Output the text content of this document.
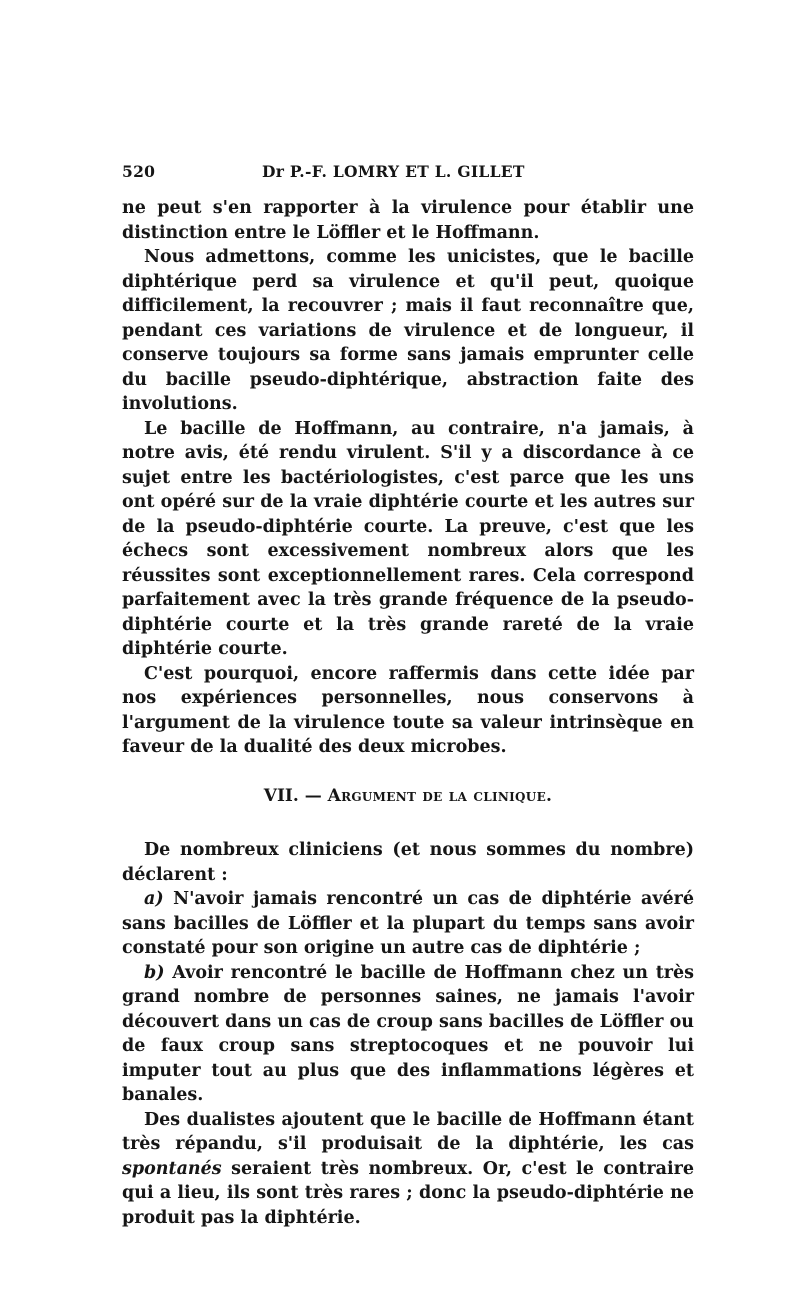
520	Dr P.-F. LOMRY ET L. GILLET

ne peut s'en rapporter à la virulence pour établir une distinction entre le Löffler et le Hoffmann.

Nous admettons, comme les unicistes, que le bacille diphtérique perd sa virulence et qu'il peut, quoique difficilement, la recouvrer ; mais il faut reconnaître que, pendant ces variations de virulence et de longueur, il conserve toujours sa forme sans jamais emprunter celle du bacille pseudo-diphtérique, abstraction faite des involutions.

Le bacille de Hoffmann, au contraire, n'a jamais, à notre avis, été rendu virulent. S'il y a discordance à ce sujet entre les bactériologistes, c'est parce que les uns ont opéré sur de la vraie diphtérie courte et les autres sur de la pseudo-diphtérie courte. La preuve, c'est que les échecs sont excessivement nombreux alors que les réussites sont exceptionnellement rares. Cela correspond parfaitement avec la très grande fréquence de la pseudo-diphtérie courte et la très grande rareté de la vraie diphtérie courte.

C'est pourquoi, encore raffermis dans cette idée par nos expériences personnelles, nous conservons à l'argument de la virulence toute sa valeur intrinsèque en faveur de la dualité des deux microbes.

VII. — Argument de la clinique.

De nombreux cliniciens (et nous sommes du nombre) déclarent :

a) N'avoir jamais rencontré un cas de diphtérie avéré sans bacilles de Löffler et la plupart du temps sans avoir constaté pour son origine un autre cas de diphtérie ;

b) Avoir rencontré le bacille de Hoffmann chez un très grand nombre de personnes saines, ne jamais l'avoir découvert dans un cas de croup sans bacilles de Löffler ou de faux croup sans streptocoques et ne pouvoir lui imputer tout au plus que des inflammations légères et banales.

Des dualistes ajoutent que le bacille de Hoffmann étant très répandu, s'il produisait de la diphtérie, les cas spontanés seraient très nombreux. Or, c'est le contraire qui a lieu, ils sont très rares ; donc la pseudo-diphtérie ne produit pas la diphtérie.
